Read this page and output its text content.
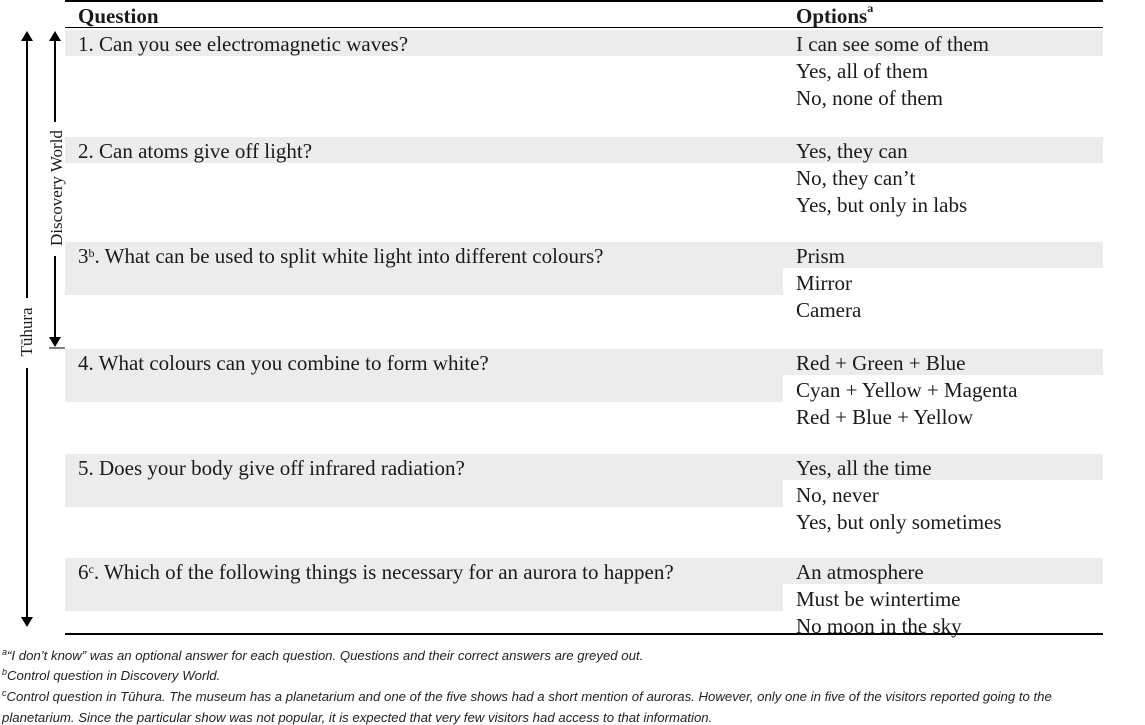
Question	Options$^a$
1. Can you see electromagnetic waves?	I can see some of them
Yes, all of them
No, none of them
2. Can atoms give off light?	Yes, they can
No, they can’t
Yes, but only in labs
3$^b$. What can be used to split white light into different colours?	Prism
Mirror
Camera
4. What colours can you combine to form white?	Red + Green + Blue
Cyan + Yellow + Magenta
Red + Blue + Yellow
5. Does your body give off infrared radiation?	Yes, all the time
No, never
Yes, but only sometimes
6$^c$. Which of the following things is necessary for an aurora to happen?	An atmosphere
Must be wintertime
No moon in the sky
Tūhura
Discovery World
$^a$“I don’t know” was an optional answer for each question. Questions and their correct answers are greyed out.
$^b$Control question in Discovery World.
$^c$Control question in Tūhura. The museum has a planetarium and one of the five shows had a short mention of auroras. However, only one in five of the visitors reported going to the
planetarium. Since the particular show was not popular, it is expected that very few visitors had access to that information.
